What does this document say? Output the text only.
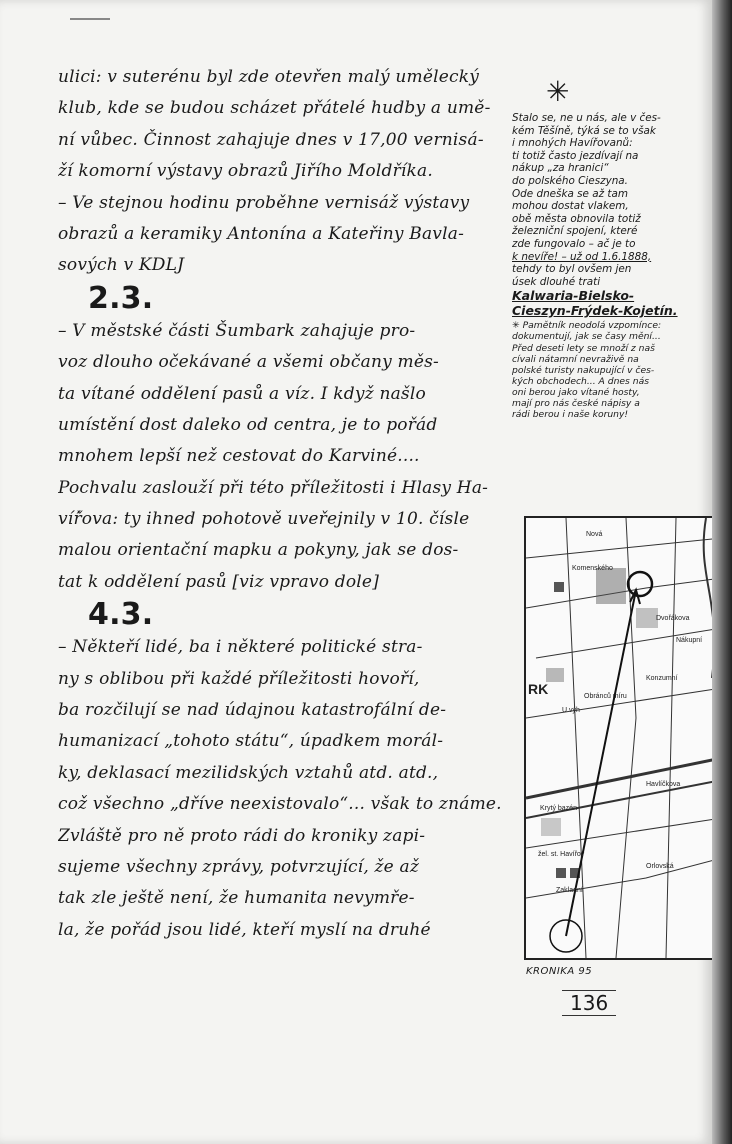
ulici: v suterénu byl zde otevřen malý umělecký
klub, kde se budou scházet přátelé hudby a umě-
ní vůbec. Činnost zahajuje dnes v 17,00 vernisá-
ží komorní výstavy obrazů Jiřího Moldříka.
– Ve stejnou hodinu proběhne vernisáž výstavy
obrazů a keramiky Antonína a Kateřiny Bavla-
sových v KDLJ
2.3.
– V městské části Šumbark zahajuje pro-
voz dlouho očekávané a všemi občany měs-
ta vítané oddělení pasů a víz. I když našlo
umístění dost daleko od centra, je to pořád
mnohem lepší než cestovat do Karviné....
Pochvalu zaslouží při této příležitosti i Hlasy Ha-
víř́ova: ty ihned pohotově uveřejnily v 10. čísle
malou orientační mapku a pokyny, jak se dos-
tat k oddělení pasů [viz vpravo dole]
4.3.
– Někteří lidé, ba i některé politické stra-
ny s oblibou při každé příležitosti hovoří,
ba rozčilují se nad údajnou katastrofální de-
humanizací „tohoto státu“, úpadkem morál-
ky, deklasací mezilidských vztahů atd. atd.,
což všechno „dříve neexistovalo“... však to známe.
Zvláště pro ně proto rádi do kroniky zapi-
sujeme všechny zprávy, potvrzující, že až
tak zle ještě není, že humanita nevymře-
la, že pořád jsou lidé, kteří myslí na druhé
✳
Stalo se, ne u nás, ale v čes-
kém Těšíně, týká se to však
i mnohých Havířovanů:
ti totiž často jezdívají na
nákup „za hranici“
do polského Cieszyna.
Ode dneška se až tam
mohou dostat vlakem,
obě města obnovila totiž
železniční spojení, které
zde fungovalo – ač je to
k nevíře! – už od 1.6.1888,
tehdy to byl ovšem jen
úsek dlouhé trati
Kalwaria-Bielsko-
Cieszyn-Frýdek-Kojetín.
✳ Pamětník neodolá vzpomínce:
dokumentují, jak se časy mění...
Před deseti lety se množí z naš
cívali nátamní nevraživě na
polské turisty nakupující v čes-
kých obchodech... A dnes nás
oni berou jako vítané hosty,
mají pro nás české nápisy a
rádi berou i naše koruny!
Nová
Komenského
Dvořákova
Nákupní
Konzumní
RK	Obránců míru
U výh
Krytý bazén
Havlíčkova
žel. st. Havířov
Zakladní
Orlovská
KRONIKA 95
136
